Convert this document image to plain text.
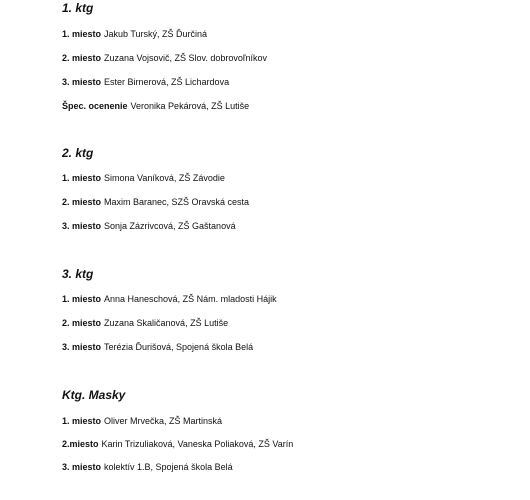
1. ktg
1. miesto Jakub Turský, ZŠ Ďurčiná
2. miesto Zuzana Vojsovič, ZŠ Slov. dobrovoľníkov
3. miesto Ester Birnerová, ZŠ Lichardova
Špec. ocenenie Veronika Pekárová, ZŠ Lutiše
2. ktg
1. miesto Simona Vaníková, ZŠ Závodie
2. miesto Maxim Baranec, SZŠ Oravská cesta
3. miesto Sonja Zázrivcová, ZŠ Gaštanová
3. ktg
1. miesto Anna Haneschová, ZŠ Nám. mladosti Hájik
2. miesto Zuzana Skaličanová, ZŠ Lutiše
3. miesto Terézia Ďurišová, Spojená škola Belá
Ktg. Masky
1. miesto Oliver Mrvečka, ZŠ Martinská
2.miesto Karin Trizuliaková, Vaneska Poliaková, ZŠ Varín
3. miesto kolektív 1.B, Spojená škola Belá
